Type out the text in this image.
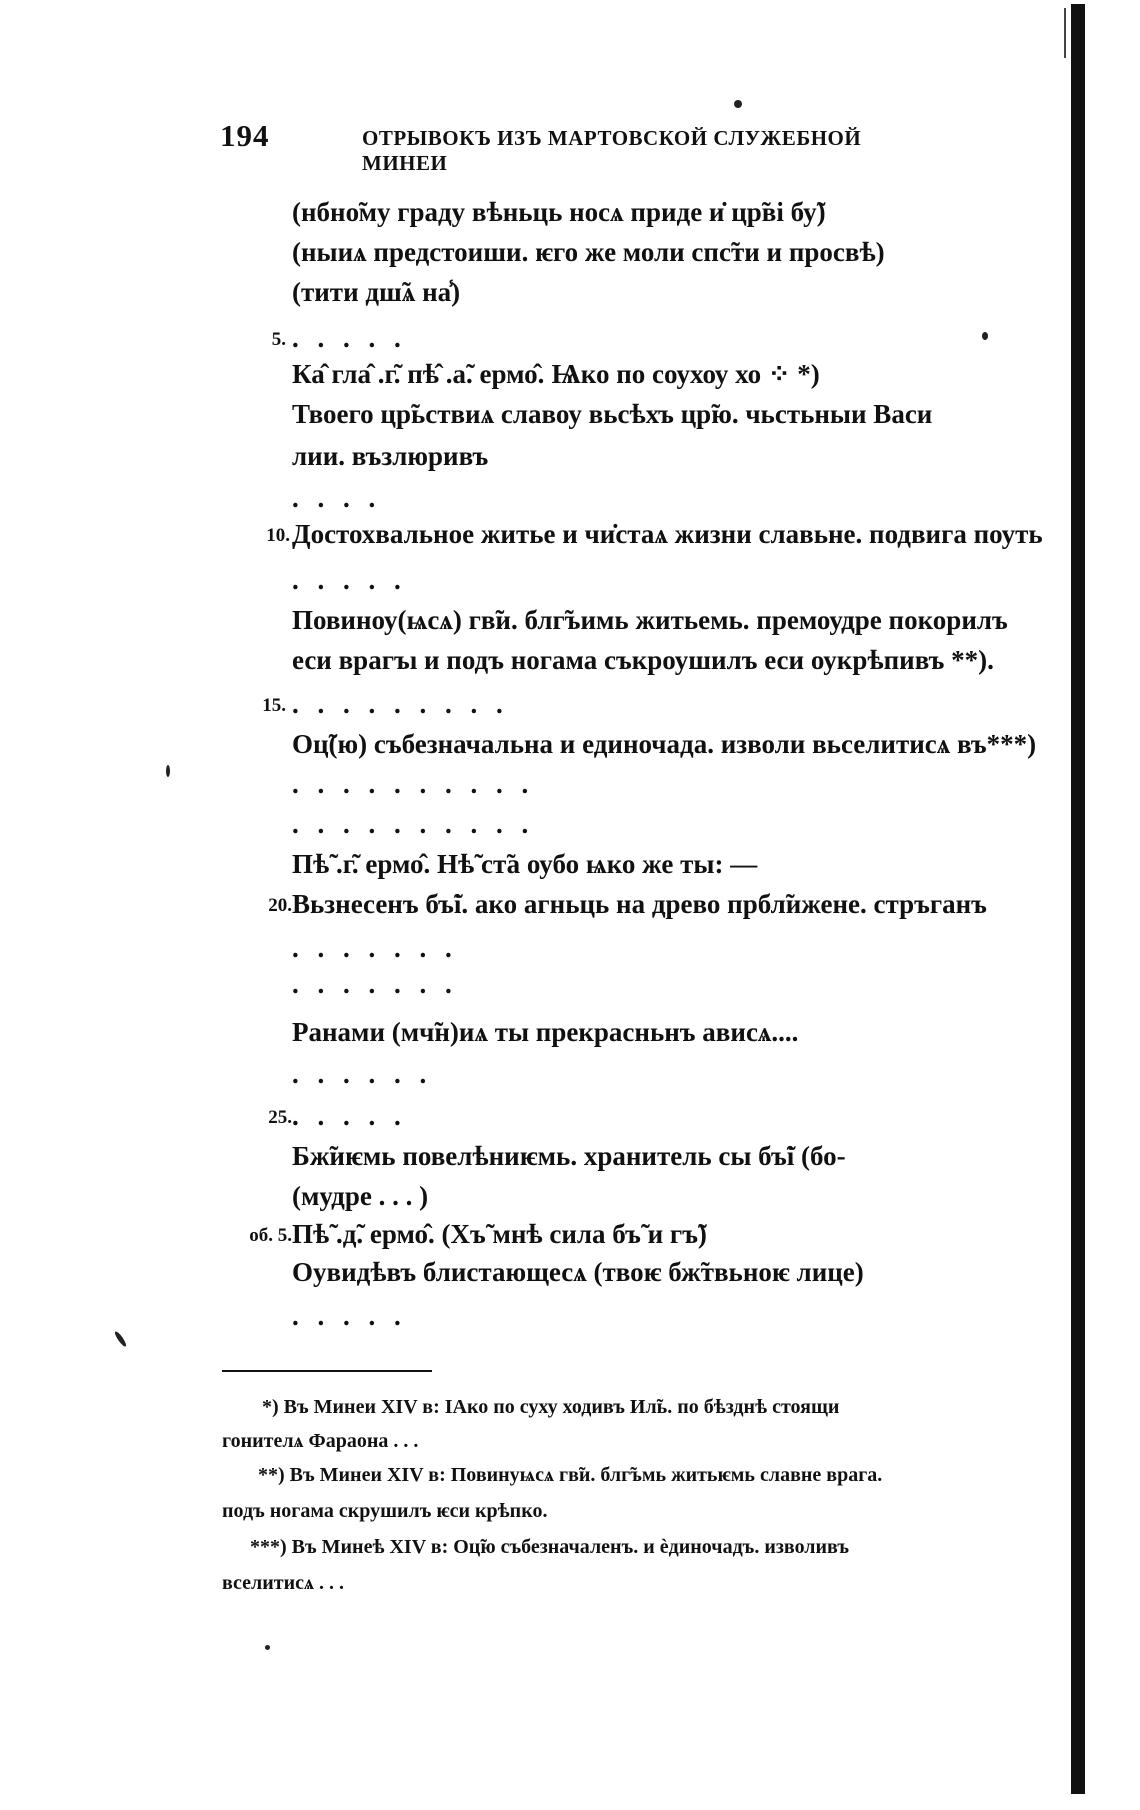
194	ОТРЫВОКЪ ИЗЪ МАРТОВСКОЙ СЛУЖЕБНОЙ МИНЕИ
(нбно̃му граду вѣньць носѧ приде и̇ цр̃ві бу̃)
(ныиѧ предстоиши. ѥго же моли спс̃ти и просвѣ)
(тити дш̃ѧ на̾)
5. . . . . .
Ка̂ гла̂ .г̃. пѣ̂ .а̃. ермо̂. Ѩко по соухоу хо ⁘ *)
Твоего цр̃ьствиѧ славоу вьсѣхъ цр̃ю. чьстьныи Васи
лии. възлюривъ
. . . .
10. Достохвальное житье и чи̇стаѧ жизни славьне. подвига поуть
. . . . .
Повиноу(ѩсѧ) гв̃и. блг̃ъимь житьемь. премоудре покорилъ
еси врагъı и подъ ногама съкроушилъ еси оукрѣпивъ **).
15. . . . . . . . . .
Оц̃(ю) събезначальна и единочада. изволи вьселитисѧ въ***)
. . . . . . . . . .
. . . . . . . . . .
Пѣ̃ .г̃. ермо̂. Нѣ̃ ст̃а оубо ѩко же ты: —
20. Вьзнесенъ бъ̃і. ако агньць на древо прбл̃ижене. стръганъ
. . . . . . .
. . . . . . .
Ранами (мч̃н)иѧ ты прекрасньнъ ависѧ....
. . . . . .
25. . . . . .
Бж̃иѥмь повелѣниѥмь. хранитель сы бъ̃і (бо-
(мудре . . . )
об. 5. Пѣ̃ .д̃. ермо̂. (Хъ̃ мнѣ сила бъ̃ и гъ̃)
Оувидѣвъ блистающесѧ (твоѥ бж̃твьноѥ лице)
. . . . .
*) Въ Минеи XIV в: ІАко по суху ходивъ Ил̃ь. по бѣзднѣ стоящи
гонителѧ Фараона . . .
**) Въ Минеи XIV в: Повинуѩсѧ гв̃и. блг̃ъмь житьѥмь славне врага.
подъ ногама скрушилъ ѥси крѣпко.
***) Въ Минеѣ XIV в: Оц̃ю събезначаленъ. и ѐдиночадъ. изволивъ
вселитисѧ . . .
